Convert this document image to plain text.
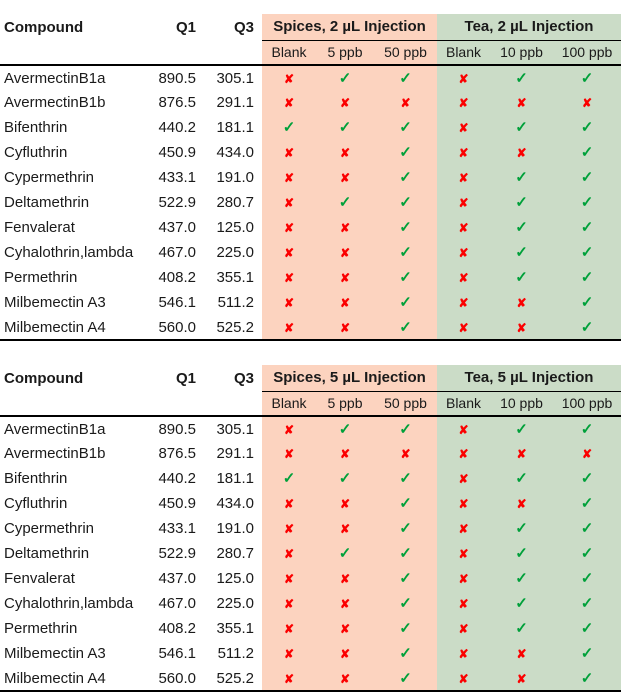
Compound	Q1	Q3	Spices, 2 µL Injection			Tea, 2 µL Injection		
			Blank	5 ppb	50 ppb	Blank	10 ppb	100 ppb
AvermectinB1a	890.5	305.1	✘	✓	✓	✘	✓	✓
AvermectinB1b	876.5	291.1	✘	✘	✘	✘	✘	✘
Bifenthrin	440.2	181.1	✓	✓	✓	✘	✓	✓
Cyfluthrin	450.9	434.0	✘	✘	✓	✘	✘	✓
Cypermethrin	433.1	191.0	✘	✘	✓	✘	✓	✓
Deltamethrin	522.9	280.7	✘	✓	✓	✘	✓	✓
Fenvalerat	437.0	125.0	✘	✘	✓	✘	✓	✓
Cyhalothrin,lambda	467.0	225.0	✘	✘	✓	✘	✓	✓
Permethrin	408.2	355.1	✘	✘	✓	✘	✓	✓
Milbemectin A3	546.1	511.2	✘	✘	✓	✘	✘	✓
Milbemectin A4	560.0	525.2	✘	✘	✓	✘	✘	✓
Compound	Q1	Q3	Spices, 5 µL Injection			Tea, 5 µL Injection		
			Blank	5 ppb	50 ppb	Blank	10 ppb	100 ppb
AvermectinB1a	890.5	305.1	✘	✓	✓	✘	✓	✓
AvermectinB1b	876.5	291.1	✘	✘	✘	✘	✘	✘
Bifenthrin	440.2	181.1	✓	✓	✓	✘	✓	✓
Cyfluthrin	450.9	434.0	✘	✘	✓	✘	✘	✓
Cypermethrin	433.1	191.0	✘	✘	✓	✘	✓	✓
Deltamethrin	522.9	280.7	✘	✓	✓	✘	✓	✓
Fenvalerat	437.0	125.0	✘	✘	✓	✘	✓	✓
Cyhalothrin,lambda	467.0	225.0	✘	✘	✓	✘	✓	✓
Permethrin	408.2	355.1	✘	✘	✓	✘	✓	✓
Milbemectin A3	546.1	511.2	✘	✘	✓	✘	✘	✓
Milbemectin A4	560.0	525.2	✘	✘	✓	✘	✘	✓
